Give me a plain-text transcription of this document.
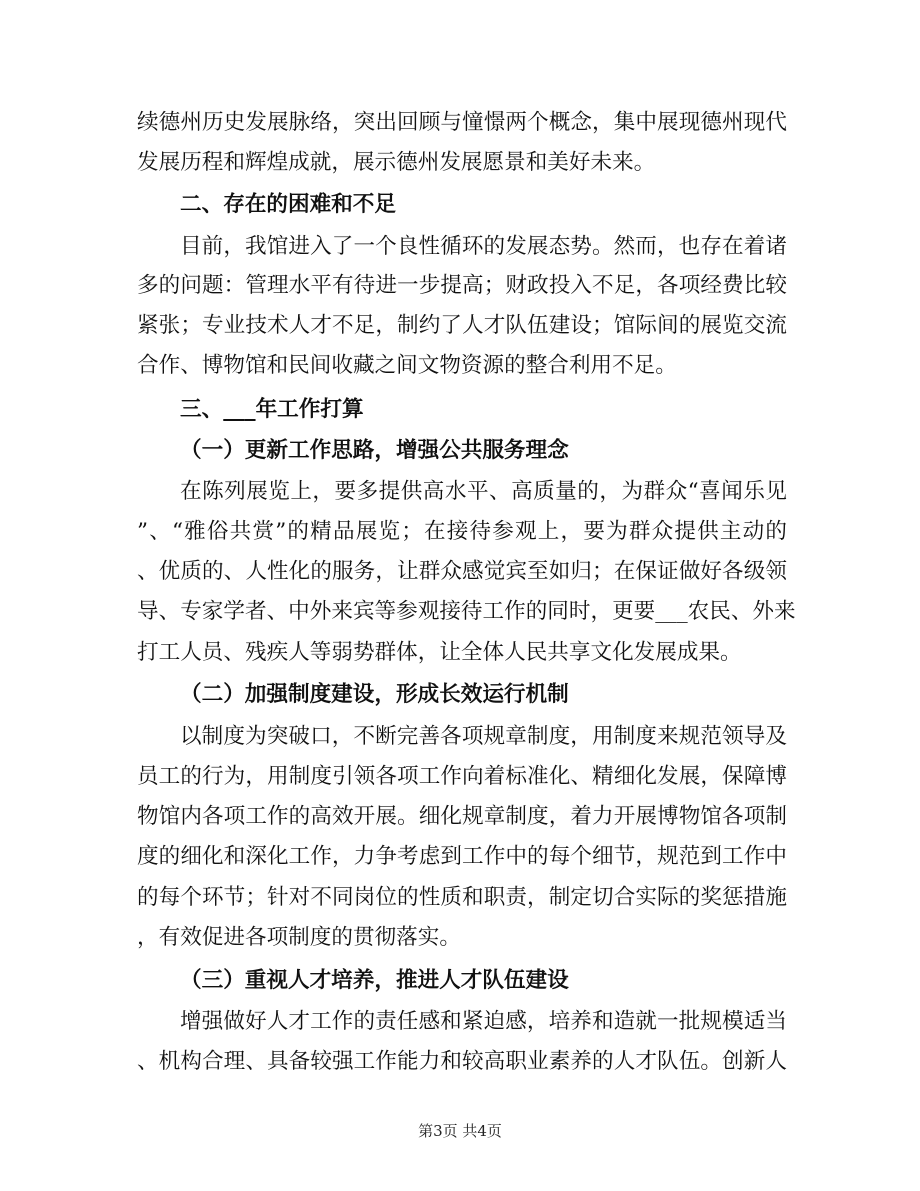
续德州历史发展脉络，突出回顾与憧憬两个概念，集中展现德州现代
发展历程和辉煌成就，展示德州发展愿景和美好未来。
二、存在的困难和不足
目前，我馆进入了一个良性循环的发展态势。然而，也存在着诸
多的问题：管理水平有待进一步提高；财政投入不足，各项经费比较
紧张；专业技术人才不足，制约了人才队伍建设；馆际间的展览交流
合作、博物馆和民间收藏之间文物资源的整合利用不足。
三、___年工作打算
（一）更新工作思路，增强公共服务理念
在陈列展览上，要多提供高水平、高质量的，为群众“喜闻乐见
”、“雅俗共赏”的精品展览；在接待参观上，要为群众提供主动的
、优质的、人性化的服务，让群众感觉宾至如归；在保证做好各级领
导、专家学者、中外来宾等参观接待工作的同时，更要___农民、外来
打工人员、残疾人等弱势群体，让全体人民共享文化发展成果。
（二）加强制度建设，形成长效运行机制
以制度为突破口，不断完善各项规章制度，用制度来规范领导及
员工的行为，用制度引领各项工作向着标准化、精细化发展，保障博
物馆内各项工作的高效开展。细化规章制度，着力开展博物馆各项制
度的细化和深化工作，力争考虑到工作中的每个细节，规范到工作中
的每个环节；针对不同岗位的性质和职责，制定切合实际的奖惩措施
，有效促进各项制度的贯彻落实。
（三）重视人才培养，推进人才队伍建设
增强做好人才工作的责任感和紧迫感，培养和造就一批规模适当
、机构合理、具备较强工作能力和较高职业素养的人才队伍。创新人
第3页 共4页
